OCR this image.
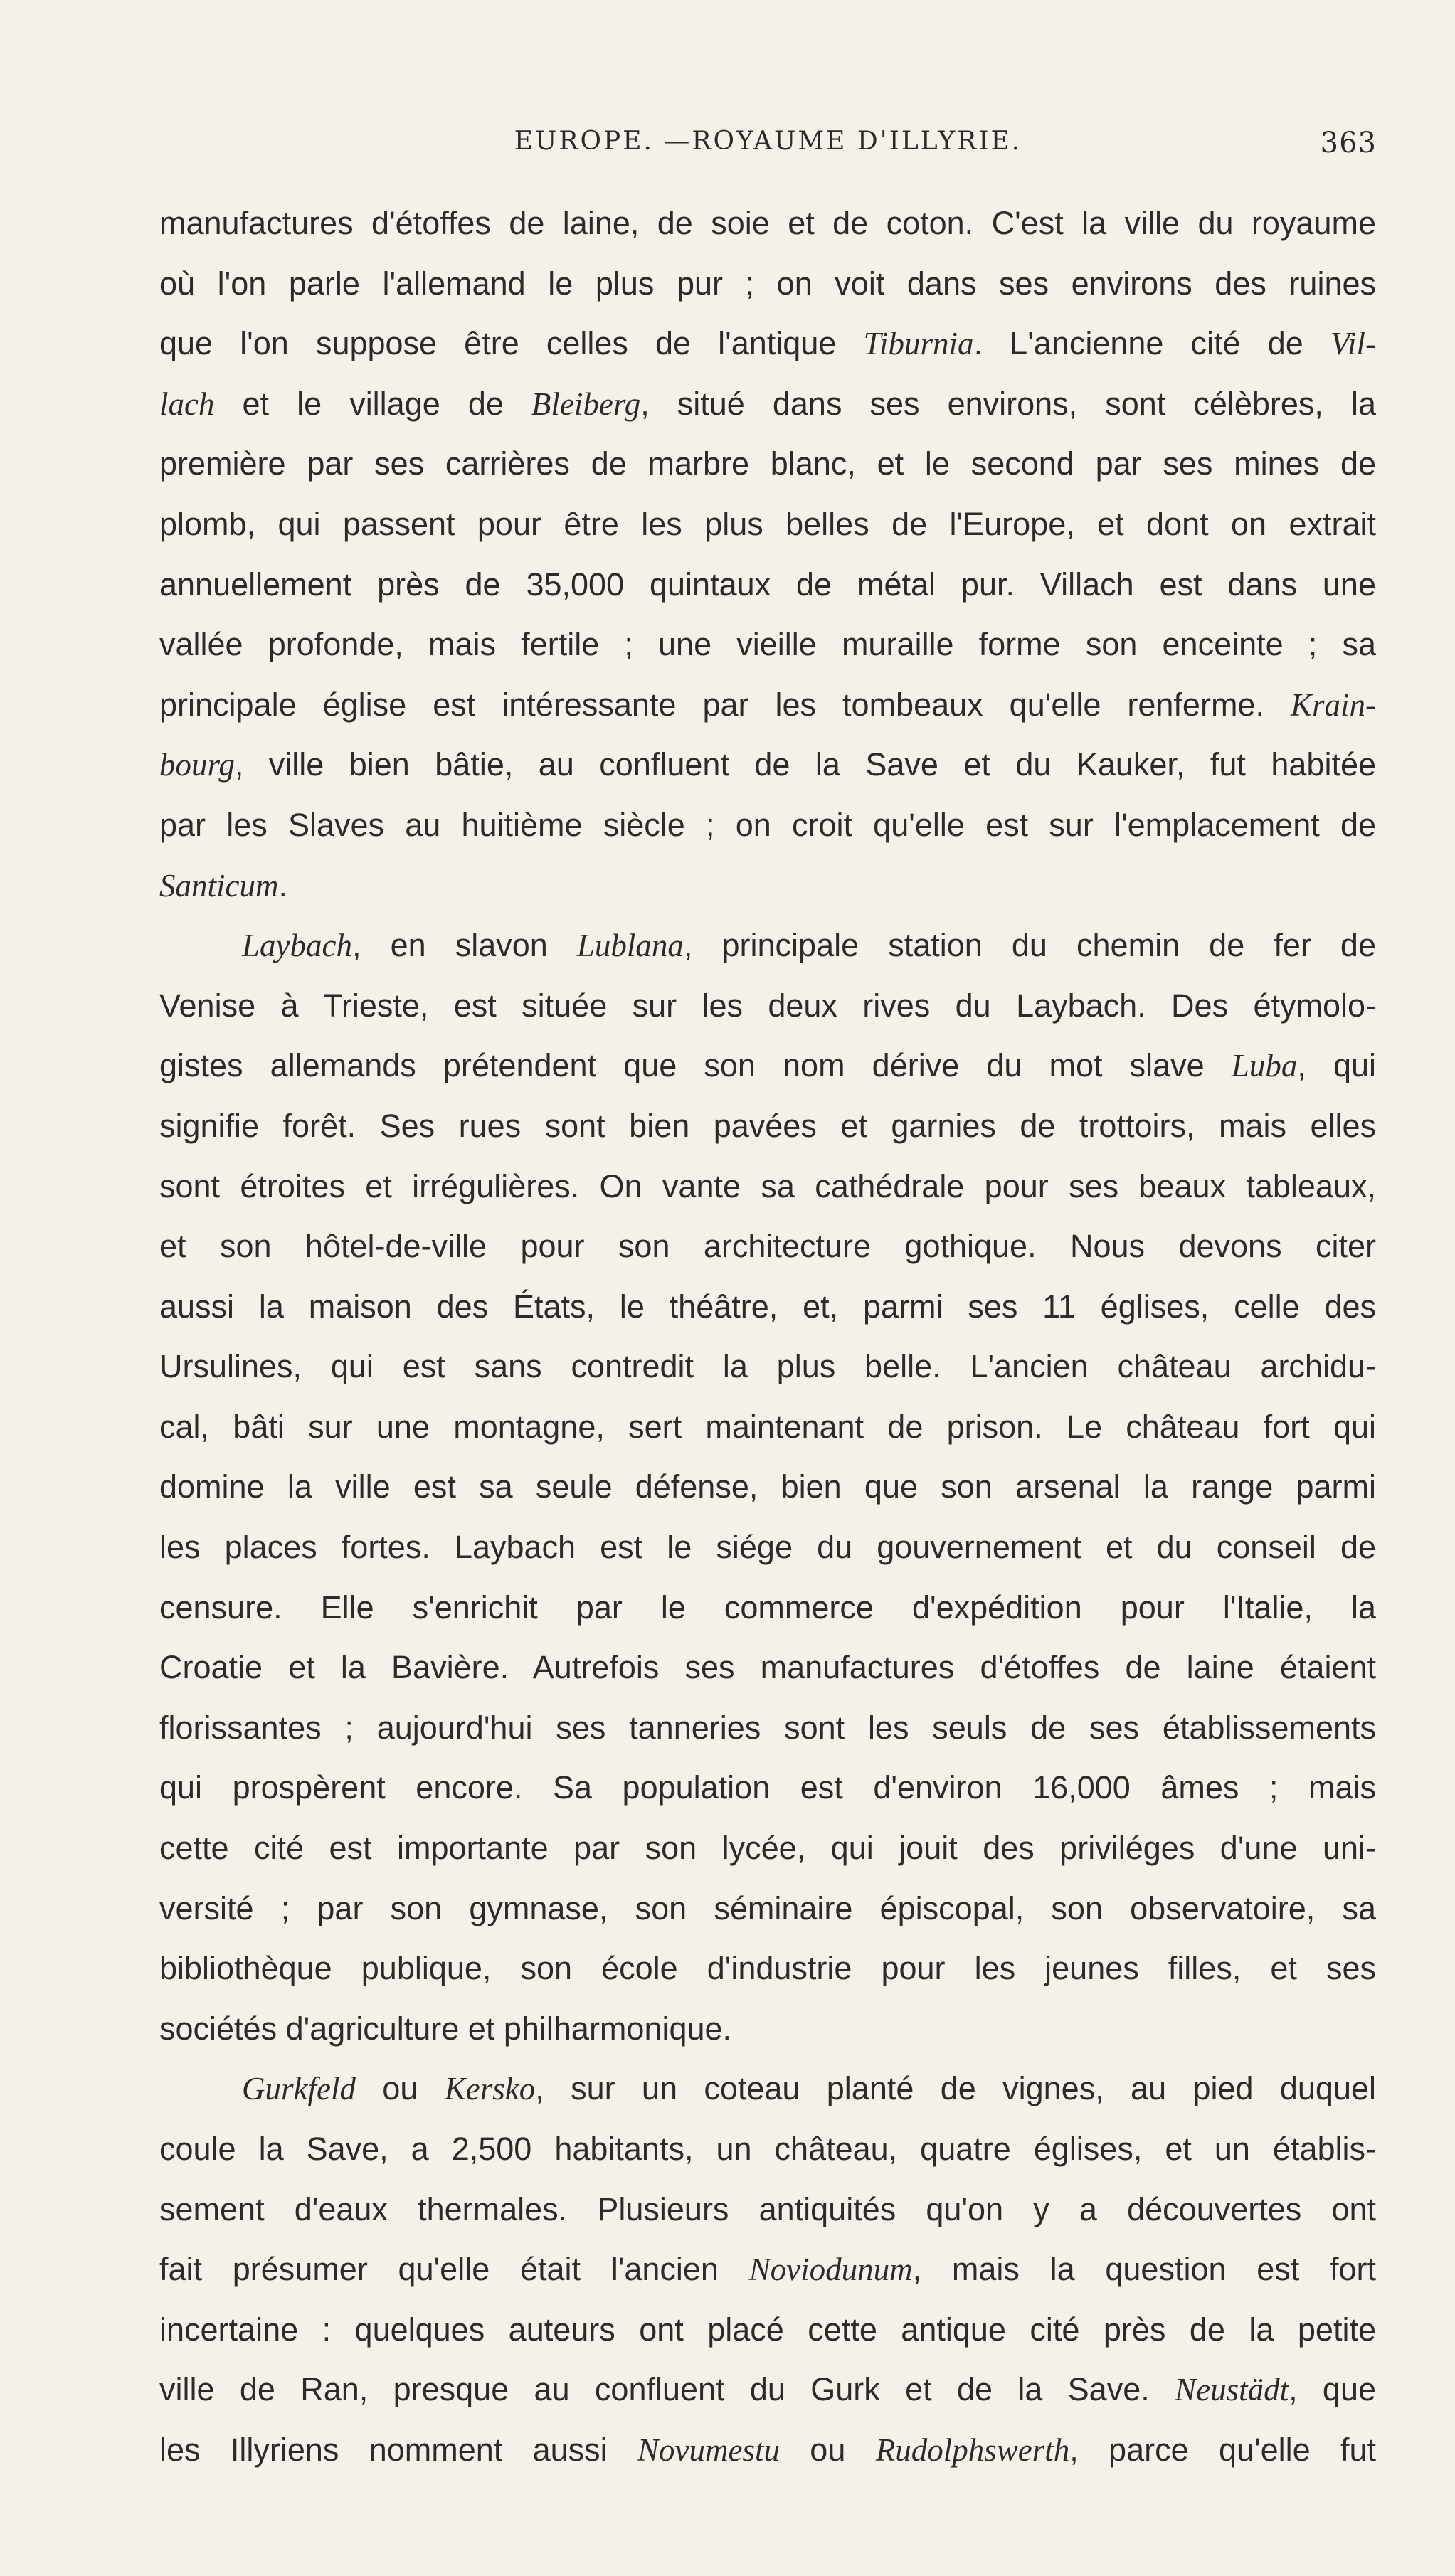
EUROPE. —ROYAUME D'ILLYRIE.	363
manufactures d'étoffes de laine, de soie et de coton. C'est la ville du royaume
où l'on parle l'allemand le plus pur ; on voit dans ses environs des ruines
que l'on suppose être celles de l'antique Tiburnia. L'ancienne cité de Vil-
lach et le village de Bleiberg, situé dans ses environs, sont célèbres, la
première par ses carrières de marbre blanc, et le second par ses mines de
plomb, qui passent pour être les plus belles de l'Europe, et dont on extrait
annuellement près de 35,000 quintaux de métal pur. Villach est dans une
vallée profonde, mais fertile ; une vieille muraille forme son enceinte ; sa
principale église est intéressante par les tombeaux qu'elle renferme. Krain-
bourg, ville bien bâtie, au confluent de la Save et du Kauker, fut habitée
par les Slaves au huitième siècle ; on croit qu'elle est sur l'emplacement de
Santicum.
Laybach, en slavon Lublana, principale station du chemin de fer de
Venise à Trieste, est située sur les deux rives du Laybach. Des étymolo-
gistes allemands prétendent que son nom dérive du mot slave Luba, qui
signifie forêt. Ses rues sont bien pavées et garnies de trottoirs, mais elles
sont étroites et irrégulières. On vante sa cathédrale pour ses beaux tableaux,
et son hôtel-de-ville pour son architecture gothique. Nous devons citer
aussi la maison des États, le théâtre, et, parmi ses 11 églises, celle des
Ursulines, qui est sans contredit la plus belle. L'ancien château archidu-
cal, bâti sur une montagne, sert maintenant de prison. Le château fort qui
domine la ville est sa seule défense, bien que son arsenal la range parmi
les places fortes. Laybach est le siége du gouvernement et du conseil de
censure. Elle s'enrichit par le commerce d'expédition pour l'Italie, la
Croatie et la Bavière. Autrefois ses manufactures d'étoffes de laine étaient
florissantes ; aujourd'hui ses tanneries sont les seuls de ses établissements
qui prospèrent encore. Sa population est d'environ 16,000 âmes ; mais
cette cité est importante par son lycée, qui jouit des priviléges d'une uni-
versité ; par son gymnase, son séminaire épiscopal, son observatoire, sa
bibliothèque publique, son école d'industrie pour les jeunes filles, et ses
sociétés d'agriculture et philharmonique.
Gurkfeld ou Kersko, sur un coteau planté de vignes, au pied duquel
coule la Save, a 2,500 habitants, un château, quatre églises, et un établis-
sement d'eaux thermales. Plusieurs antiquités qu'on y a découvertes ont
fait présumer qu'elle était l'ancien Noviodunum, mais la question est fort
incertaine : quelques auteurs ont placé cette antique cité près de la petite
ville de Ran, presque au confluent du Gurk et de la Save. Neustädt, que
les Illyriens nomment aussi Novumestu ou Rudolphswerth, parce qu'elle fut
